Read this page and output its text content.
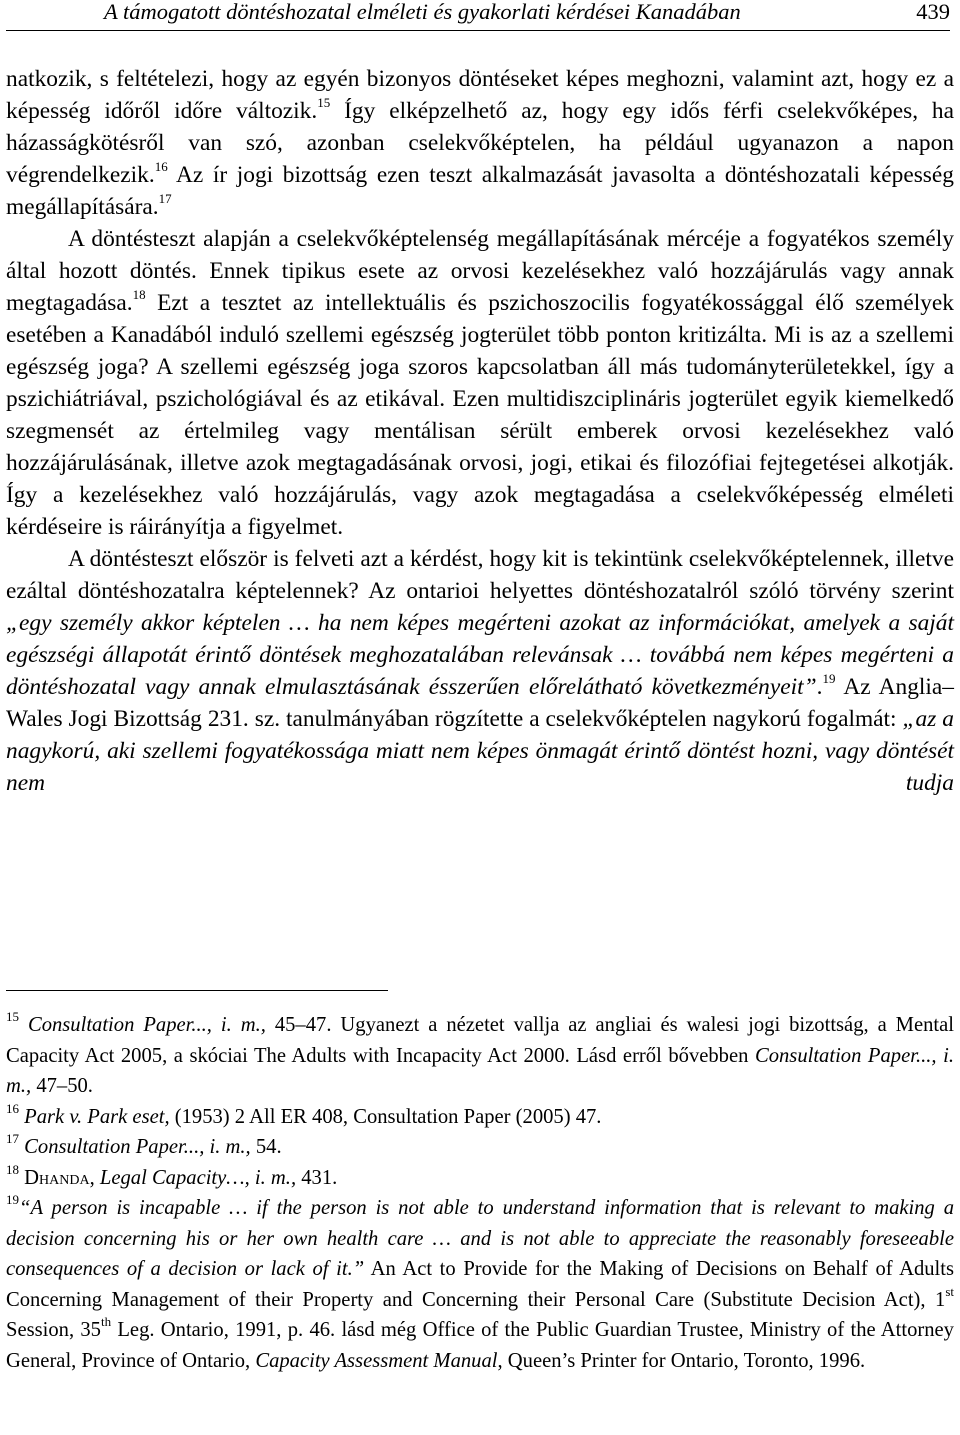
A támogatott döntéshozatal elméleti és gyakorlati kérdései Kanadában	439

natkozik, s feltételezi, hogy az egyén bizonyos döntéseket képes meghozni, valamint azt, hogy ez a képesség időről időre változik.$^{15}$ Így elképzelhető az, hogy egy idős férfi cselekvőképes, ha házasságkötésről van szó, azonban cselekvőképtelen, ha például ugyanazon a napon végrendelkezik.$^{16}$ Az ír jogi bizottság ezen teszt alkalmazását javasolta a döntéshozatali képesség megállapítására.$^{17}$

A döntésteszt alapján a cselekvőképtelenség megállapításának mércéje a fogyatékos személy által hozott döntés. Ennek tipikus esete az orvosi kezelésekhez való hozzájárulás vagy annak megtagadása.$^{18}$ Ezt a tesztet az intellektuális és pszichoszocilis fogyatékossággal élő személyek esetében a Kanadából induló szellemi egészség jogterület több ponton kritizálta. Mi is az a szellemi egészség joga? A szellemi egészség joga szoros kapcsolatban áll más tudományterületekkel, így a pszichiátriával, pszichológiával és az etikával. Ezen multidiszciplináris jogterület egyik kiemelkedő szegmensét az értelmileg vagy mentálisan sérült emberek orvosi kezelésekhez való hozzájárulásának, illetve azok megtagadásának orvosi, jogi, etikai és filozófiai fejtegetései alkotják. Így a kezelésekhez való hozzájárulás, vagy azok megtagadása a cselekvőképesség elméleti kérdéseire is ráirányítja a figyelmet.

A döntésteszt először is felveti azt a kérdést, hogy kit is tekintünk cselekvőképtelennek, illetve ezáltal döntéshozatalra képtelennek? Az ontarioi helyettes döntéshozatalról szóló törvény szerint „egy személy akkor képtelen … ha nem képes megérteni azokat az információkat, amelyek a saját egészségi állapotát érintő döntések meghozatalában relevánsak … továbbá nem képes megérteni a döntéshozatal vagy annak elmulasztásának ésszerűen előrelátható következményeit”.$^{19}$ Az Anglia–Wales Jogi Bizottság 231. sz. tanulmányában rögzítette a cselekvőképtelen nagykorú fogalmát: „az a nagykorú, aki szellemi fogyatékossága miatt nem képes önmagát érintő döntést hozni, vagy döntését nem tudja

$^{15}$ Consultation Paper..., i. m., 45–47. Ugyanezt a nézetet vallja az angliai és walesi jogi bizottság, a Mental Capacity Act 2005, a skóciai The Adults with Incapacity Act 2000. Lásd erről bővebben Consultation Paper..., i. m., 47–50.

$^{16}$ Park v. Park eset, (1953) 2 All ER 408, Consultation Paper (2005) 47.

$^{17}$ Consultation Paper..., i. m., 54.

$^{18}$ Dhanda, Legal Capacity…, i. m., 431.

$^{19}$“A person is incapable … if the person is not able to understand information that is relevant to making a decision concerning his or her own health care … and is not able to appreciate the reasonably foreseeable consequences of a decision or lack of it.” An Act to Provide for the Making of Decisions on Behalf of Adults Concerning Management of their Property and Concerning their Personal Care (Substitute Decision Act), 1st Session, 35th Leg. Ontario, 1991, p. 46. lásd még Office of the Public Guardian Trustee, Ministry of the Attorney General, Province of Ontario, Capacity Assessment Manual, Queen’s Printer for Ontario, Toronto, 1996.
